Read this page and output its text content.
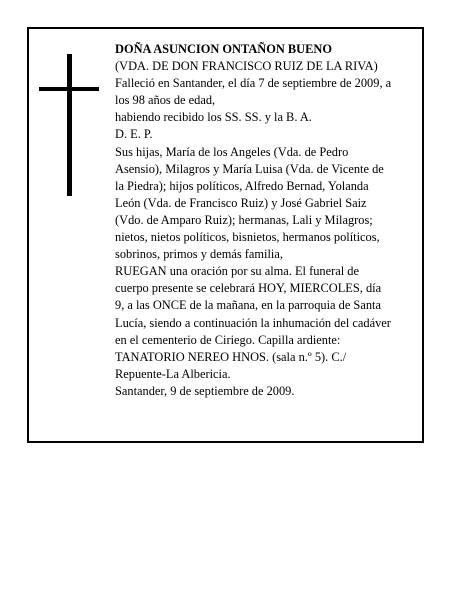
DOÑA ASUNCION ONTAÑON BUENO
(VDA. DE DON FRANCISCO RUIZ DE LA RIVA)
Falleció en Santander, el día 7 de septiembre de 2009, a
los 98 años de edad,
habiendo recibido los SS. SS. y la B. A.
D. E. P.
Sus hijas, María de los Angeles (Vda. de Pedro
Asensio), Milagros y María Luisa (Vda. de Vicente de
la Piedra); hijos políticos, Alfredo Bernad, Yolanda
León (Vda. de Francisco Ruiz) y José Gabriel Saiz
(Vdo. de Amparo Ruiz); hermanas, Lali y Milagros;
nietos, nietos políticos, bisnietos, hermanos políticos,
sobrinos, primos y demás familia,
RUEGAN una oración por su alma. El funeral de
cuerpo presente se celebrará HOY, MIERCOLES, día
9, a las ONCE de la mañana, en la parroquia de Santa
Lucía, siendo a continuación la inhumación del cadáver
en el cementerio de Ciriego. Capilla ardiente:
TANATORIO NEREO HNOS. (sala n.º 5). C./
Repuente-La Albericia.
Santander, 9 de septiembre de 2009.
